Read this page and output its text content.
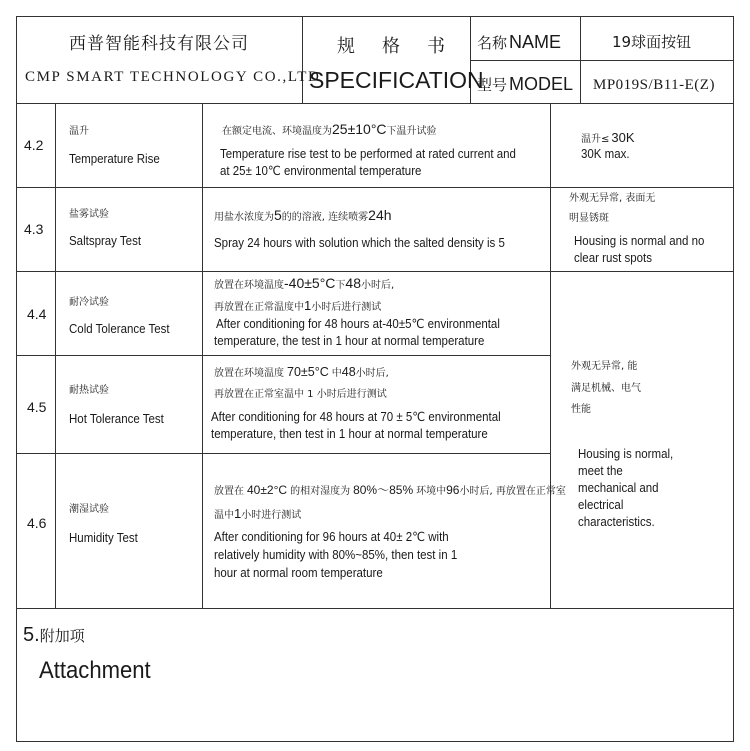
西普智能科技有限公司
CMP SMART TECHNOLOGY CO.,LTD
规  格  书
SPECIFICATION
名称 NAME
型号 MODEL
19球面按钮
MP019S/B11-E(Z)
4.2
温升
Temperature Rise
在额定电流、环境温度为25±10°C下温升试验
Temperature rise test to be performed at rated current and
at 25± 10℃ environmental temperature
温升≤ 30K
30K max.
4.3
盐雾试验
Saltspray Test
用盐水浓度为5的的溶液, 连续喷雾24h
Spray 24 hours with solution which the salted density is 5
外观无异常, 表面无
明显锈斑
Housing is normal and no
clear rust spots
4.4
耐冷试验
Cold Tolerance Test
放置在环境温度-40±5°C下48小时后,
再放置在正常温度中1小时后进行测试
After conditioning for 48 hours at-40±5℃ environmental
temperature, the test in 1 hour at normal temperature
4.5
耐热试验
Hot Tolerance Test
放置在环境温度 70±5°C 中48小时后,
再放置在正常室温中 1 小时后进行测试
After conditioning for 48 hours at 70 ± 5℃ environmental
temperature, then test in 1 hour at normal temperature
4.6
潮湿试验
Humidity Test
放置在 40±2°C 的相对湿度为 80%～85% 环境中96小时后, 再放置在正常室
温中1小时进行测试
After conditioning for 96 hours at 40± 2℃ with
relatively humidity with 80%~85%, then test in 1
hour at normal room temperature
外观无异常, 能
满足机械、电气
性能
Housing is normal,
meet the
mechanical and
electrical
characteristics.
5.附加项
Attachment
